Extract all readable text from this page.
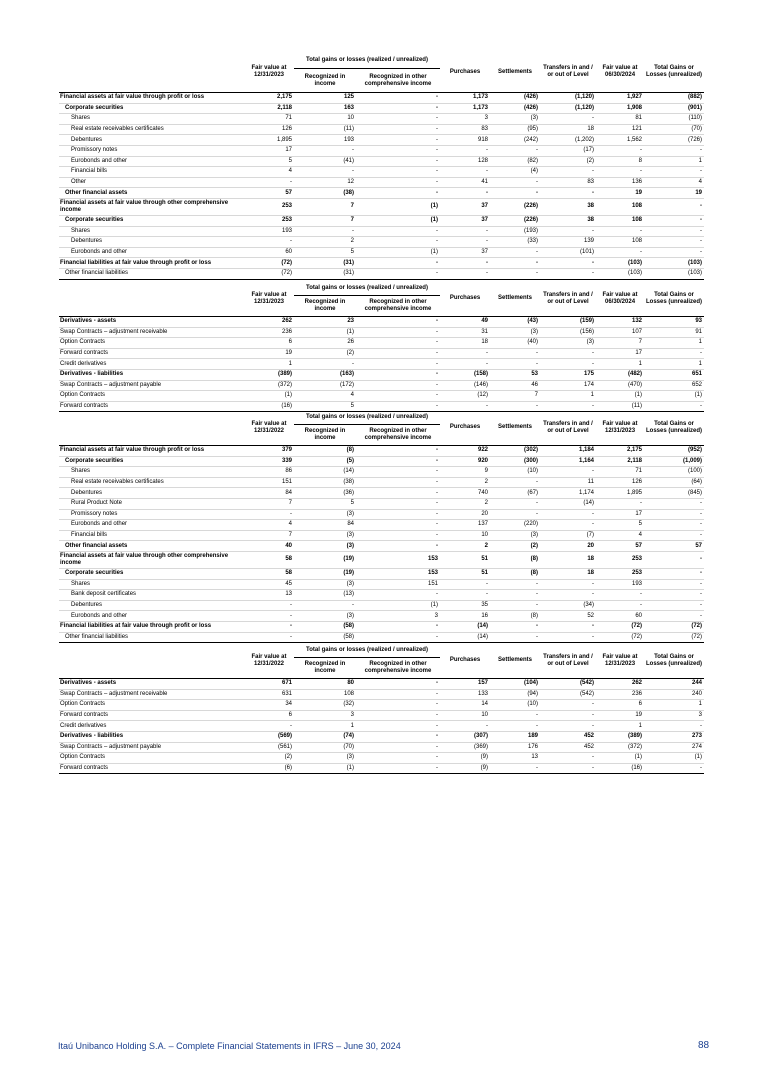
	Fair value at 12/31/2023	Total gains or losses (realized / unrealized)		Purchases	Settlements	Transfers in and / or out of Level	Fair value at 06/30/2024	Total Gains or Losses (unrealized)
		Recognized in income	Recognized in other comprehensive income					
Financial assets at fair value through profit or loss	2,175	125	-	1,173	(426)	(1,120)	1,927	(882)
Corporate securities	2,118	163	-	1,173	(426)	(1,120)	1,908	(901)
Shares	71	10	-	3	(3)	-	81	(110)
Real estate receivables certificates	126	(11)	-	83	(95)	18	121	(70)
Debentures	1,895	193	-	918	(242)	(1,202)	1,562	(726)
Promissory notes	17	-	-	-	-	(17)	-	-
Eurobonds and other	5	(41)	-	128	(82)	(2)	8	1
Financial bills	4	-	-	-	(4)	-	-	-
Other	-	12	-	41	-	83	136	4
Other financial assets	57	(38)	-	-	-	-	19	19
Financial assets at fair value through other comprehensive income	253	7	(1)	37	(226)	38	108	-
Corporate securities	253	7	(1)	37	(226)	38	108	-
Shares	193	-	-	-	(193)	-	-	-
Debentures	-	2	-	-	(33)	139	108	-
Eurobonds and other	60	5	(1)	37	-	(101)	-	-
Financial liabilities at fair value through profit or loss	(72)	(31)	-	-	-	-	(103)	(103)
Other financial liabilities	(72)	(31)	-	-	-	-	(103)	(103)
	Fair value at 12/31/2023	Total gains or losses (realized / unrealized)		Purchases	Settlements	Transfers in and / or out of Level	Fair value at 06/30/2024	Total Gains or Losses (unrealized)
		Recognized in income	Recognized in other comprehensive income					
Derivatives - assets	262	23	-	49	(43)	(159)	132	93
Swap Contracts – adjustment receivable	236	(1)	-	31	(3)	(156)	107	91
Option Contracts	6	26	-	18	(40)	(3)	7	1
Forward contracts	19	(2)	-	-	-	-	17	-
Credit derivatives	1	-	-	-	-	-	1	1
Derivatives - liabilities	(389)	(163)	-	(158)	53	175	(482)	651
Swap Contracts – adjustment payable	(372)	(172)	-	(146)	46	174	(470)	652
Option Contracts	(1)	4	-	(12)	7	1	(1)	(1)
Forward contracts	(16)	5	-	-	-	-	(11)	-
	Fair value at 12/31/2022	Total gains or losses (realized / unrealized)		Purchases	Settlements	Transfers in and / or out of Level	Fair value at 12/31/2023	Total Gains or Losses (unrealized)
		Recognized in income	Recognized in other comprehensive income					
Financial assets at fair value through profit or loss	379	(8)	-	922	(302)	1,184	2,175	(952)
Corporate securities	339	(5)	-	920	(300)	1,164	2,118	(1,009)
Shares	86	(14)	-	9	(10)	-	71	(100)
Real estate receivables certificates	151	(38)	-	2	-	11	126	(64)
Debentures	84	(36)	-	740	(67)	1,174	1,895	(845)
Rural Product Note	7	5	-	2	-	(14)	-	-
Promissory notes	-	(3)	-	20	-	-	17	-
Eurobonds and other	4	84	-	137	(220)	-	5	-
Financial bills	7	(3)	-	10	(3)	(7)	4	-
Other financial assets	40	(3)	-	2	(2)	20	57	57
Financial assets at fair value through other comprehensive income	58	(19)	153	51	(8)	18	253	-
Corporate securities	58	(19)	153	51	(8)	18	253	-
Shares	45	(3)	151	-	-	-	193	-
Bank deposit certificates	13	(13)	-	-	-	-	-	-
Debentures	-	-	(1)	35	-	(34)	-	-
Eurobonds and other	-	(3)	3	16	(8)	52	60	-
Financial liabilities at fair value through profit or loss	-	(58)	-	(14)	-	-	(72)	(72)
Other financial liabilities	-	(58)	-	(14)	-	-	(72)	(72)
	Fair value at 12/31/2022	Total gains or losses (realized / unrealized)		Purchases	Settlements	Transfers in and / or out of Level	Fair value at 12/31/2023	Total Gains or Losses (unrealized)
		Recognized in income	Recognized in other comprehensive income					
Derivatives - assets	671	80	-	157	(104)	(542)	262	244
Swap Contracts – adjustment receivable	631	108	-	133	(94)	(542)	236	240
Option Contracts	34	(32)	-	14	(10)	-	6	1
Forward contracts	6	3	-	10	-	-	19	3
Credit derivatives	-	1	-	-	-	-	1	-
Derivatives - liabilities	(569)	(74)	-	(307)	189	452	(389)	273
Swap Contracts – adjustment payable	(561)	(70)	-	(369)	176	452	(372)	274
Option Contracts	(2)	(3)	-	(9)	13	-	(1)	(1)
Forward contracts	(6)	(1)	-	(9)	-	-	(16)	-
Itaú Unibanco Holding S.A. – Complete Financial Statements in IFRS – June 30, 2024	88
